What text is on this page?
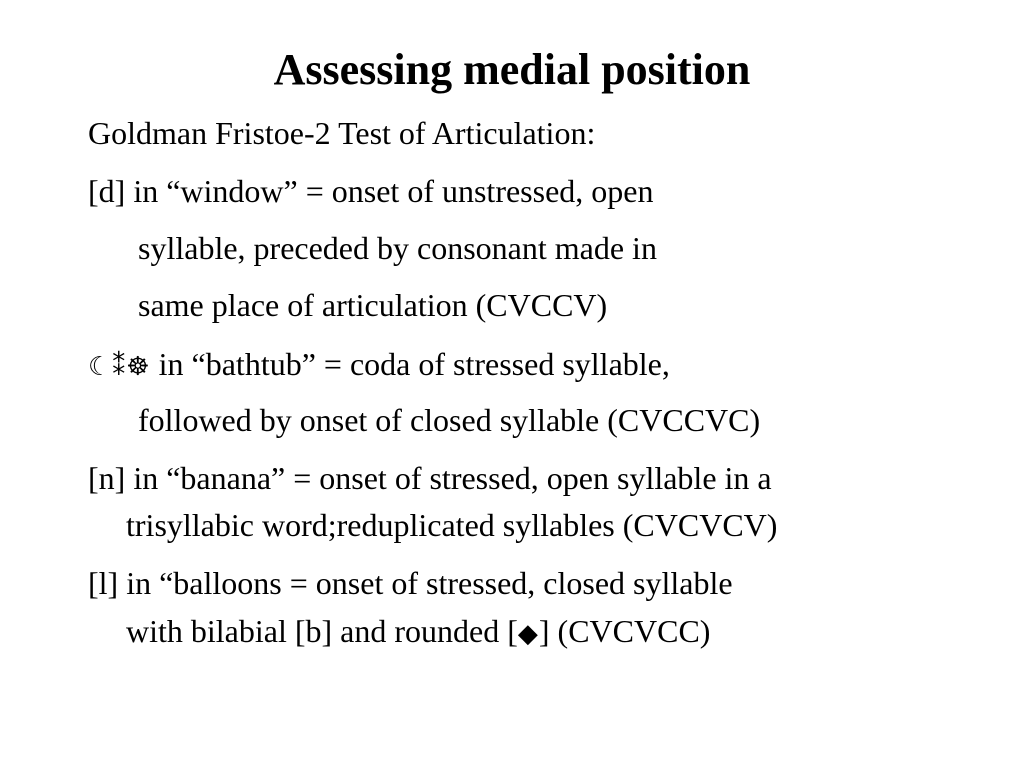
Assessing medial position
Goldman Fristoe-2 Test of Articulation:
[d] in “window” = onset of unstressed, open
syllable, preceded by consonant made in
same place of articulation (CVCCV)
☾⁑☸ in “bathtub” = coda of stressed syllable,
followed by onset of closed syllable (CVCCVC)
[n] in “banana” = onset of stressed, open syllable in a
trisyllabic word;reduplicated syllables (CVCVCV)
[l] in “balloons = onset of stressed, closed syllable
with bilabial [b] and rounded [◆] (CVCVCC)
